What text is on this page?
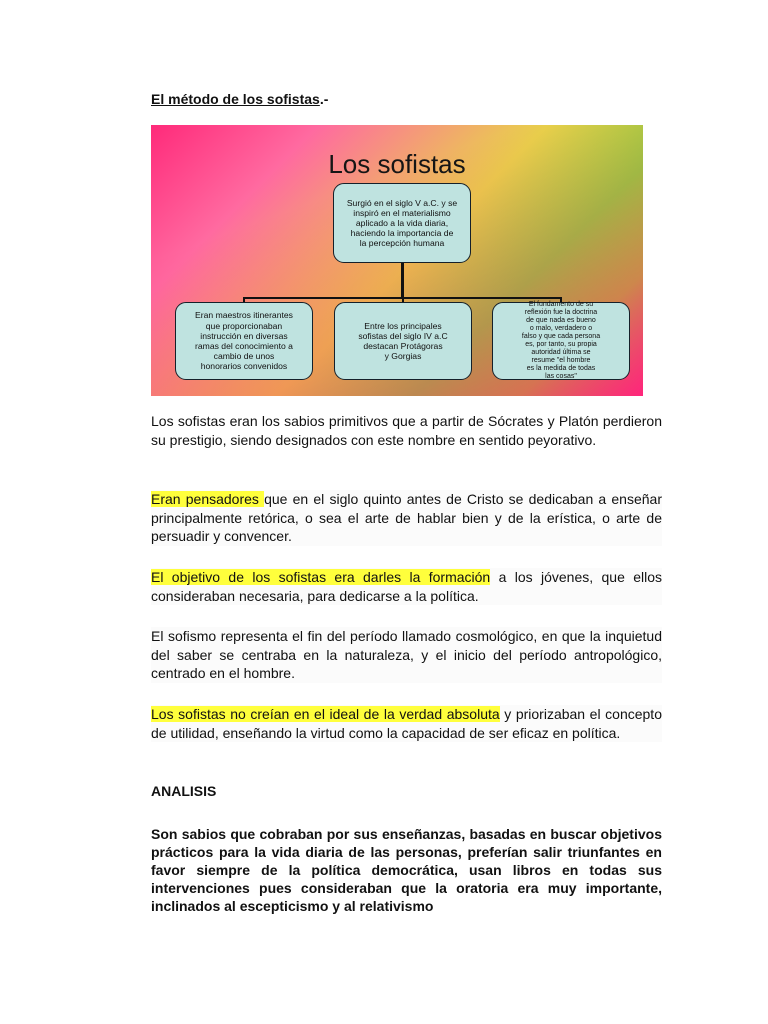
El método de los sofistas.-
Los sofistas
Surgió en el siglo V a.C. y se
inspiró en el materialismo
aplicado a la vida diaria,
haciendo la importancia de
la percepción humana
Eran maestros itinerantes
que proporcionaban
instrucción en diversas
ramas del conocimiento a
cambio de unos
honorarios convenidos
Entre los principales
sofistas del siglo IV a.C
destacan Protágoras
y Gorgias
El fundamento de su
reflexión fue la doctrina
de que nada es bueno
o malo, verdadero o
falso y que cada persona
es, por tanto, su propia
autoridad última se
resume "el hombre
es la medida de todas
las cosas"

Los sofistas eran los sabios primitivos que a partir de Sócrates y Platón perdieron su prestigio, siendo designados con este nombre en sentido peyorativo.

Eran pensadores que en el siglo quinto antes de Cristo se dedicaban a enseñar principalmente retórica, o sea el arte de hablar bien y de la erística, o arte de persuadir y convencer.

El objetivo de los sofistas era darles la formación a los jóvenes, que ellos consideraban necesaria, para dedicarse a la política.

El sofismo representa el fin del período llamado cosmológico, en que la inquietud del saber se centraba en la naturaleza, y el inicio del período antropológico, centrado en el hombre.

Los sofistas no creían en el ideal de la verdad absoluta y priorizaban el concepto de utilidad, enseñando la virtud como la capacidad de ser eficaz en política.

ANALISIS

Son sabios que cobraban por sus enseñanzas, basadas en buscar objetivos prácticos para la vida diaria de las personas, preferían salir triunfantes en favor siempre de la política democrática, usan libros en todas sus intervenciones pues consideraban que la oratoria era muy importante, inclinados al escepticismo y al relativismo
